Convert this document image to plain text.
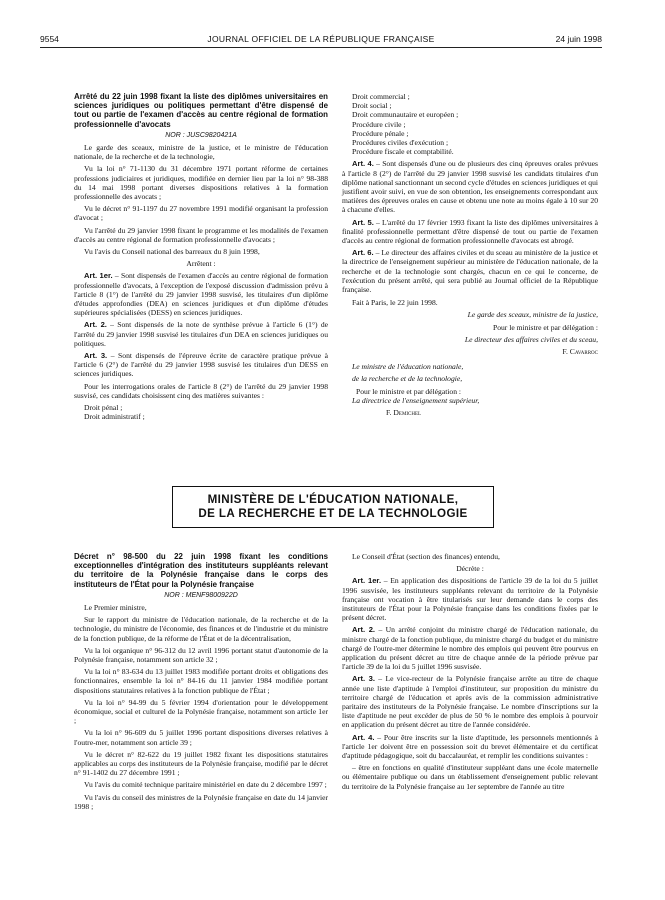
9554	JOURNAL OFFICIEL DE LA RÉPUBLIQUE FRANÇAISE	24 juin 1998

Arrêté du 22 juin 1998 fixant la liste des diplômes universitaires en sciences juridiques ou politiques permettant d'être dispensé de tout ou partie de l'examen d'accès au centre régional de formation professionnelle d'avocats

NOR : JUSC9820421A

Le garde des sceaux, ministre de la justice, et le ministre de l'éducation nationale, de la recherche et de la technologie,

Vu la loi n° 71-1130 du 31 décembre 1971 portant réforme de certaines professions judiciaires et juridiques, modifiée en dernier lieu par la loi n° 98-388 du 14 mai 1998 portant diverses dispositions relatives à la formation professionnelle des avocats ;

Vu le décret n° 91-1197 du 27 novembre 1991 modifié organisant la profession d'avocat ;

Vu l'arrêté du 29 janvier 1998 fixant le programme et les modalités de l'examen d'accès au centre régional de formation professionnelle d'avocats ;

Vu l'avis du Conseil national des barreaux du 8 juin 1998,

Arrêtent :

Art. 1er. – Sont dispensés de l'examen d'accès au centre régional de formation professionnelle d'avocats, à l'exception de l'exposé discussion d'admission prévu à l'article 8 (1°) de l'arrêté du 29 janvier 1998 susvisé, les titulaires d'un diplôme d'études approfondies (DEA) en sciences juridiques et d'un diplôme d'études supérieures spécialisées (DESS) en sciences juridiques.

Art. 2. – Sont dispensés de la note de synthèse prévue à l'article 6 (1°) de l'arrêté du 29 janvier 1998 susvisé les titulaires d'un DEA en sciences juridiques ou politiques.

Art. 3. – Sont dispensés de l'épreuve écrite de caractère pratique prévue à l'article 6 (2°) de l'arrêté du 29 janvier 1998 susvisé les titulaires d'un DESS en sciences juridiques.

Pour les interrogations orales de l'article 8 (2°) de l'arrêté du 29 janvier 1998 susvisé, ces candidats choisissent cinq des matières suivantes :

Droit pénal ;

Droit administratif ;

Droit commercial ;

Droit social ;

Droit communautaire et européen ;

Procédure civile ;

Procédure pénale ;

Procédures civiles d'exécution ;

Procédure fiscale et comptabilité.

Art. 4. – Sont dispensés d'une ou de plusieurs des cinq épreuves orales prévues à l'article 8 (2°) de l'arrêté du 29 janvier 1998 susvisé les candidats titulaires d'un diplôme national sanctionnant un second cycle d'études en sciences juridiques et qui justifient avoir suivi, en vue de son obtention, les enseignements correspondant aux matières des épreuves orales en cause et obtenu une note au moins égale à 10 sur 20 à chacune d'elles.

Art. 5. – L'arrêté du 17 février 1993 fixant la liste des diplômes universitaires à finalité professionnelle permettant d'être dispensé de tout ou partie de l'examen d'accès au centre régional de formation professionnelle d'avocats est abrogé.

Art. 6. – Le directeur des affaires civiles et du sceau au ministère de la justice et la directrice de l'enseignement supérieur au ministère de l'éducation nationale, de la recherche et de la technologie sont chargés, chacun en ce qui le concerne, de l'exécution du présent arrêté, qui sera publié au Journal officiel de la République française.

Fait à Paris, le 22 juin 1998.

Le garde des sceaux, ministre de la justice,

Pour le ministre et par délégation :

Le directeur des affaires civiles et du sceau,

F. Cavarroc

Le ministre de l'éducation nationale,

de la recherche et de la technologie,

Pour le ministre et par délégation :

La directrice de l'enseignement supérieur,

F. Demichel

MINISTÈRE DE L'ÉDUCATION NATIONALE,
DE LA RECHERCHE ET DE LA TECHNOLOGIE

Décret n° 98-500 du 22 juin 1998 fixant les conditions exceptionnelles d'intégration des instituteurs suppléants relevant du territoire de la Polynésie française dans le corps des instituteurs de l'État pour la Polynésie française

NOR : MENF9800922D

Le Premier ministre,

Sur le rapport du ministre de l'éducation nationale, de la recherche et de la technologie, du ministre de l'économie, des finances et de l'industrie et du ministre de la fonction publique, de la réforme de l'État et de la décentralisation,

Vu la loi organique n° 96-312 du 12 avril 1996 portant statut d'autonomie de la Polynésie française, notamment son article 32 ;

Vu la loi n° 83-634 du 13 juillet 1983 modifiée portant droits et obligations des fonctionnaires, ensemble la loi n° 84-16 du 11 janvier 1984 modifiée portant dispositions statutaires relatives à la fonction publique de l'État ;

Vu la loi n° 94-99 du 5 février 1994 d'orientation pour le développement économique, social et culturel de la Polynésie française, notamment son article 1er ;

Vu la loi n° 96-609 du 5 juillet 1996 portant dispositions diverses relatives à l'outre-mer, notamment son article 39 ;

Vu le décret n° 82-622 du 19 juillet 1982 fixant les dispositions statutaires applicables au corps des instituteurs de la Polynésie française, modifié par le décret n° 91-1402 du 27 décembre 1991 ;

Vu l'avis du comité technique paritaire ministériel en date du 2 décembre 1997 ;

Vu l'avis du conseil des ministres de la Polynésie française en date du 14 janvier 1998 ;

Le Conseil d'État (section des finances) entendu,

Décrète :

Art. 1er. – En application des dispositions de l'article 39 de la loi du 5 juillet 1996 susvisée, les instituteurs suppléants relevant du territoire de la Polynésie française ont vocation à être titularisés sur leur demande dans le corps des instituteurs de l'État pour la Polynésie française dans les conditions fixées par le présent décret.

Art. 2. – Un arrêté conjoint du ministre chargé de l'éducation nationale, du ministre chargé de la fonction publique, du ministre chargé du budget et du ministre chargé de l'outre-mer détermine le nombre des emplois qui peuvent être pourvus en application du présent décret au titre de chaque année de la période prévue par l'article 39 de la loi du 5 juillet 1996 susvisée.

Art. 3. – Le vice-recteur de la Polynésie française arrête au titre de chaque année une liste d'aptitude à l'emploi d'instituteur, sur proposition du ministre du territoire chargé de l'éducation et après avis de la commission administrative paritaire des instituteurs de la Polynésie française. Le nombre d'inscriptions sur la liste d'aptitude ne peut excéder de plus de 50 % le nombre des emplois à pourvoir en application du présent décret au titre de l'année considérée.

Art. 4. – Pour être inscrits sur la liste d'aptitude, les personnels mentionnés à l'article 1er doivent être en possession soit du brevet élémentaire et du certificat d'aptitude pédagogique, soit du baccalauréat, et remplir les conditions suivantes :

– être en fonctions en qualité d'instituteur suppléant dans une école maternelle ou élémentaire publique ou dans un établissement d'enseignement public relevant du territoire de la Polynésie française au 1er septembre de l'année au titre
